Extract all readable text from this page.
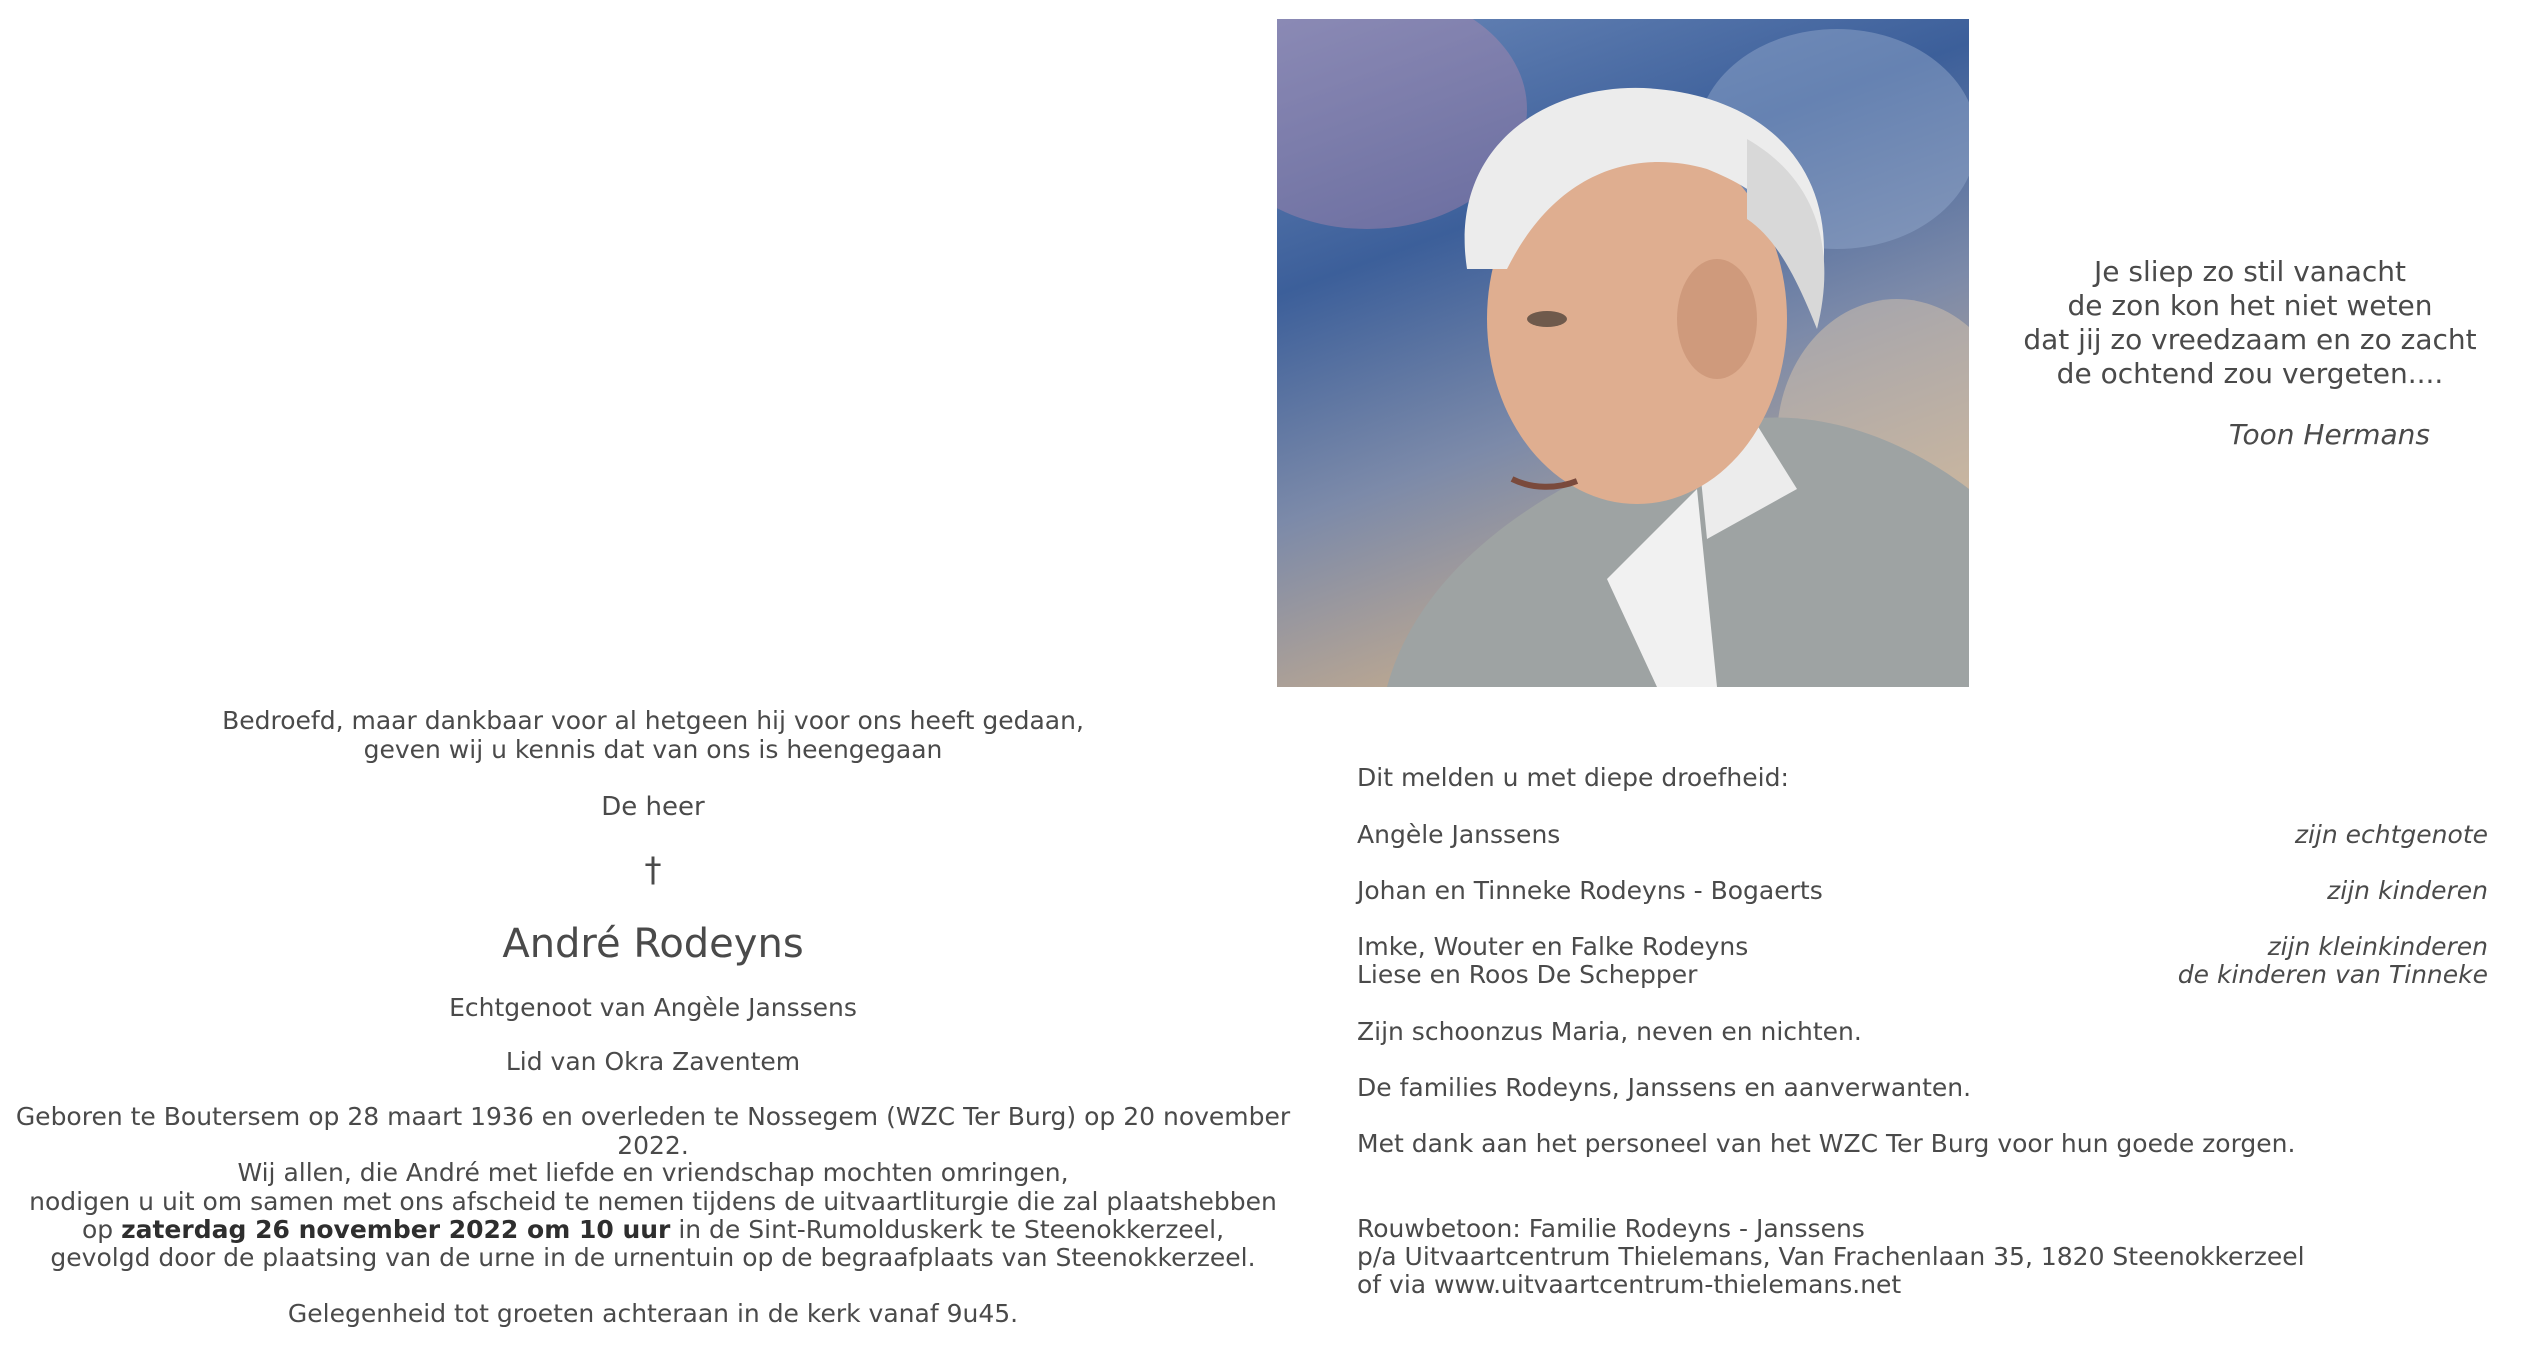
Bedroefd, maar dankbaar voor al hetgeen hij voor ons heeft gedaan,
geven wij u kennis dat van ons is heengegaan
De heer
†
André Rodeyns
Echtgenoot van Angèle Janssens
Lid van Okra Zaventem
Geboren te Boutersem op 28 maart 1936 en overleden te Nossegem (WZC Ter Burg) op 20 november 2022.
Wij allen, die André met liefde en vriendschap mochten omringen,
nodigen u uit om samen met ons afscheid te nemen tijdens de uitvaartliturgie die zal plaatshebben
op zaterdag 26 november 2022 om 10 uur in de Sint-Rumolduskerk te Steenokkerzeel,
gevolgd door de plaatsing van de urne in de urnentuin op de begraafplaats van Steenokkerzeel.
Gelegenheid tot groeten achteraan in de kerk vanaf 9u45.
Je sliep zo stil vanacht
de zon kon het niet weten
dat jij zo vreedzaam en zo zacht
de ochtend zou vergeten....
Toon Hermans
Dit melden u met diepe droefheid:
Angèle Janssens	zijn echtgenote
Johan en Tinneke Rodeyns - Bogaerts	zijn kinderen
Imke, Wouter en Falke Rodeyns	zijn kleinkinderen
Liese en Roos De Schepper	de kinderen van Tinneke
Zijn schoonzus Maria, neven en nichten.
De families Rodeyns, Janssens en aanverwanten.
Met dank aan het personeel van het WZC Ter Burg voor hun goede zorgen.
Rouwbetoon: Familie Rodeyns - Janssens
p/a Uitvaartcentrum Thielemans, Van Frachenlaan 35, 1820 Steenokkerzeel
of via www.uitvaartcentrum-thielemans.net
